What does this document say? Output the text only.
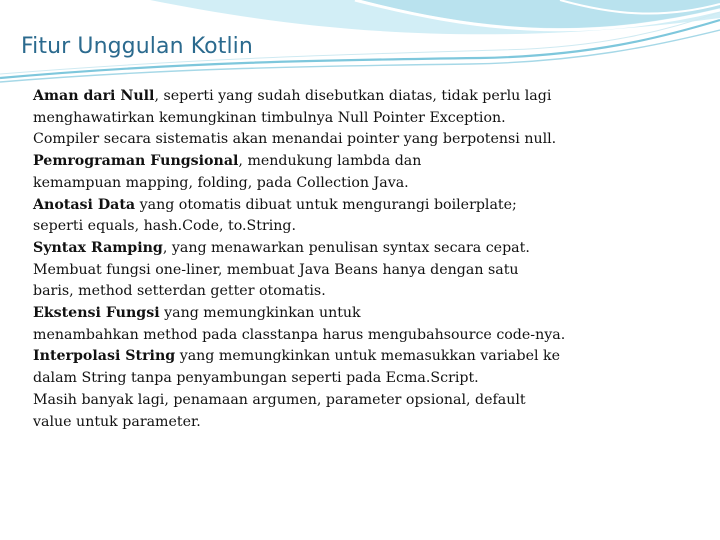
Fitur Unggulan Kotlin
Aman dari Null, seperti yang sudah disebutkan diatas, tidak perlu lagi
menghawatirkan kemungkinan timbulnya Null Pointer Exception.
Compiler secara sistematis akan menandai pointer yang berpotensi null.
Pemrograman Fungsional, mendukung lambda dan
kemampuan mapping, folding, pada Collection Java.
Anotasi Data yang otomatis dibuat untuk mengurangi boilerplate;
seperti equals, hash.Code, to.String.
Syntax Ramping, yang menawarkan penulisan syntax secara cepat.
Membuat fungsi one-liner, membuat Java Beans hanya dengan satu
baris, method setterdan getter otomatis.
Ekstensi Fungsi yang memungkinkan untuk
menambahkan method pada classtanpa harus mengubahsource code-nya.
Interpolasi String yang memungkinkan untuk memasukkan variabel ke
dalam String tanpa penyambungan seperti pada Ecma.Script.
Masih banyak lagi, penamaan argumen, parameter opsional, default
value untuk parameter.
